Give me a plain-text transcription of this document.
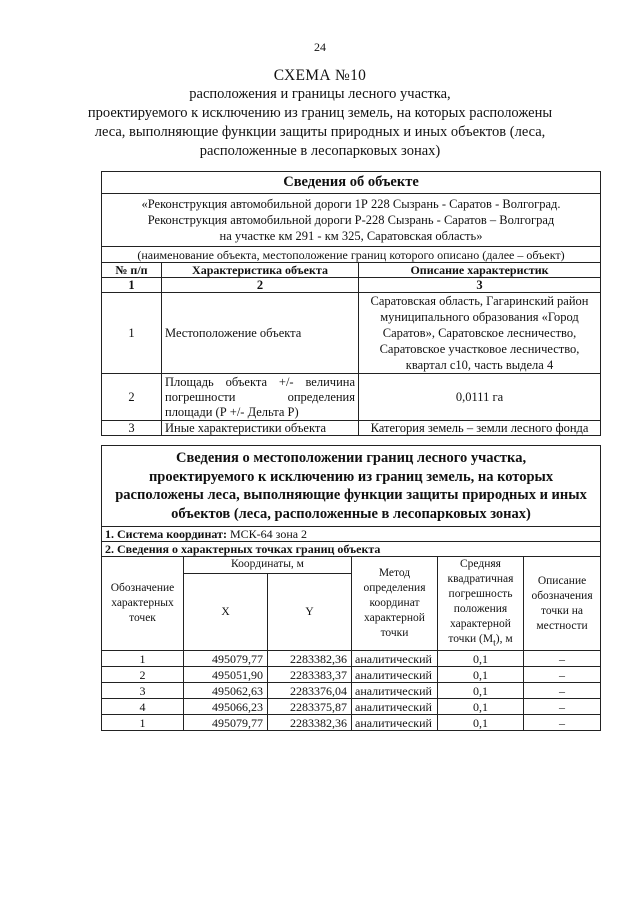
24
СХЕМА №10
расположения и границы лесного участка,
проектируемого к исключению из границ земель, на которых расположены
леса, выполняющие функции защиты природных и иных объектов (леса,
расположенные в лесопарковых зонах)
Сведения об объекте		

«Реконструкция автомобильной дороги 1Р 228 Сызрань - Саратов - Волгоград.
Реконструкция автомобильной дороги Р-228 Сызрань - Саратов – Волгоград
на участке км 291 - км 325, Саратовская область»		

(наименование объекта, местоположение границ которого описано (далее – объект)		
№ п/п	Характеристика объекта	Описание характеристик
1	2	3
1	Местоположение объекта	Саратовская область, Гагаринский район
муниципального образования «Город
Саратов», Саратовское лесничество,
Саратовское участковое лесничество,
квартал с10, часть выдела 4

2	Площадь объекта +/- величина
погрешности определения
площади (Р +/- Дельта Р)	0,0111 га
3	Иные характеристики объекта	Категория земель – земли лесного фонда
Сведения о местоположении границ лесного участка,
проектируемого к исключению из границ земель, на которых
расположены леса, выполняющие функции защиты природных и иных
объектов (леса, расположенные в лесопарковых зонах)					

1. Система координат: МСК-64 зона 2					
2. Сведения о характерных точках границ объекта					
Обозначение характерных точек	Координаты, м		Метод определения координат характерной точки	Средняя квадратичная погрешность положения характерной точки $(M_t)$, м	Описание обозначения точки на местности
	X	Y			
1	495079,77	2283382,36	аналитический	0,1	–
2	495051,90	2283383,37	аналитический	0,1	–
3	495062,63	2283376,04	аналитический	0,1	–
4	495066,23	2283375,87	аналитический	0,1	–
1	495079,77	2283382,36	аналитический	0,1	–
